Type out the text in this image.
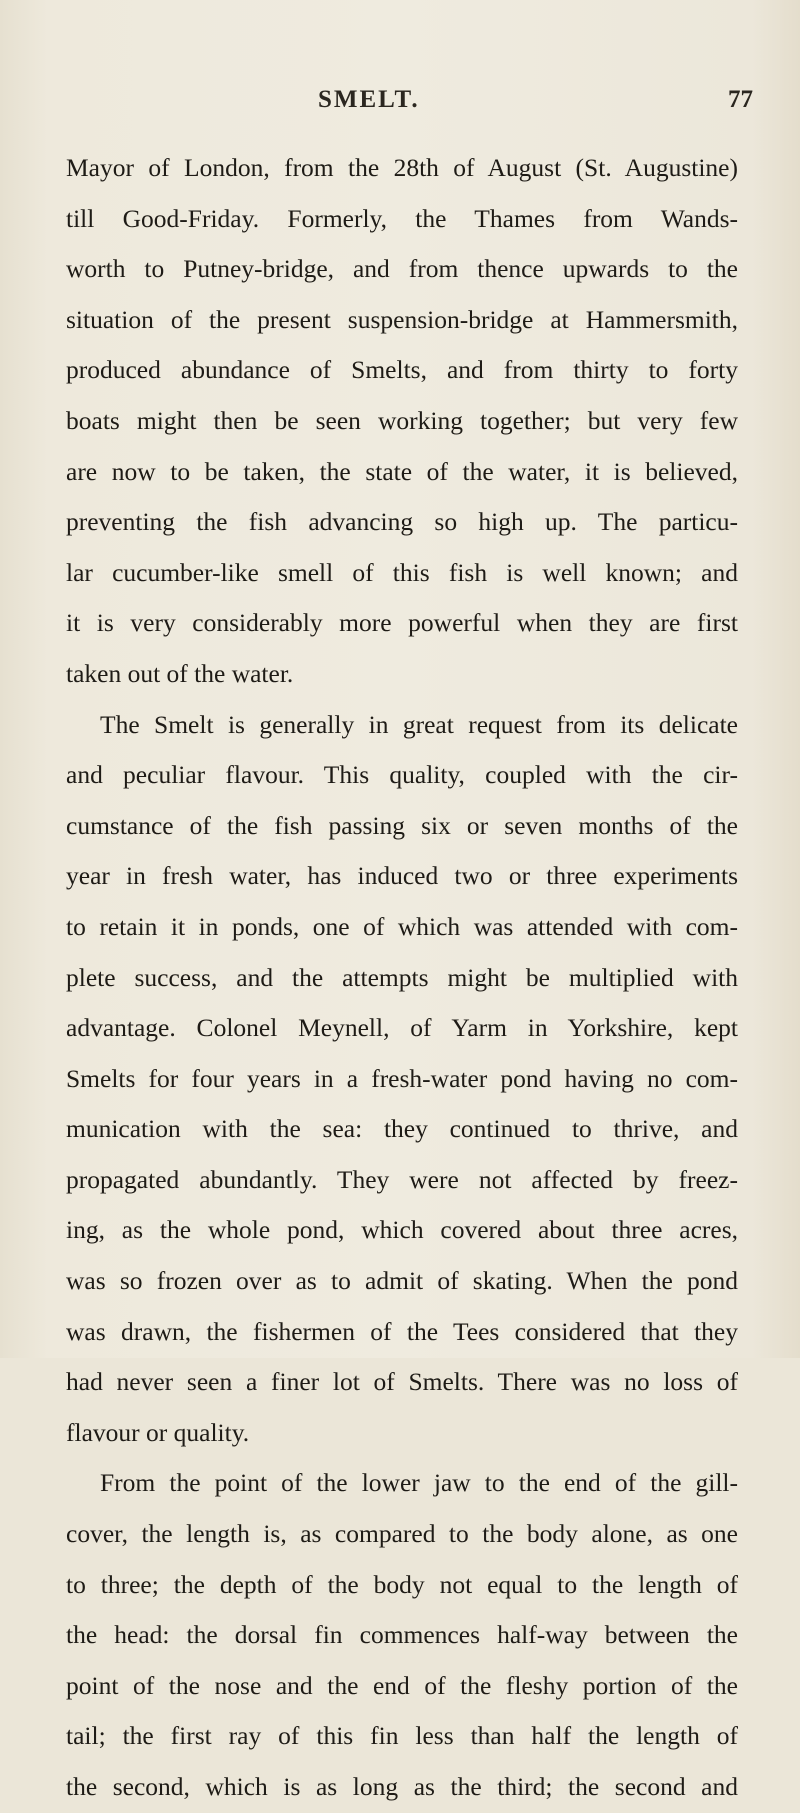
SMELT.	77
Mayor of London, from the 28th of August (St. Augustine)
till Good-Friday. Formerly, the Thames from Wands-
worth to Putney-bridge, and from thence upwards to the
situation of the present suspension-bridge at Hammersmith,
produced abundance of Smelts, and from thirty to forty
boats might then be seen working together; but very few
are now to be taken, the state of the water, it is believed,
preventing the fish advancing so high up. The particu-
lar cucumber-like smell of this fish is well known; and
it is very considerably more powerful when they are first
taken out of the water.
The Smelt is generally in great request from its delicate
and peculiar flavour. This quality, coupled with the cir-
cumstance of the fish passing six or seven months of the
year in fresh water, has induced two or three experiments
to retain it in ponds, one of which was attended with com-
plete success, and the attempts might be multiplied with
advantage. Colonel Meynell, of Yarm in Yorkshire, kept
Smelts for four years in a fresh-water pond having no com-
munication with the sea: they continued to thrive, and
propagated abundantly. They were not affected by freez-
ing, as the whole pond, which covered about three acres,
was so frozen over as to admit of skating. When the pond
was drawn, the fishermen of the Tees considered that they
had never seen a finer lot of Smelts. There was no loss of
flavour or quality.
From the point of the lower jaw to the end of the gill-
cover, the length is, as compared to the body alone, as one
to three; the depth of the body not equal to the length of
the head: the dorsal fin commences half-way between the
point of the nose and the end of the fleshy portion of the
tail; the first ray of this fin less than half the length of
the second, which is as long as the third; the second and
